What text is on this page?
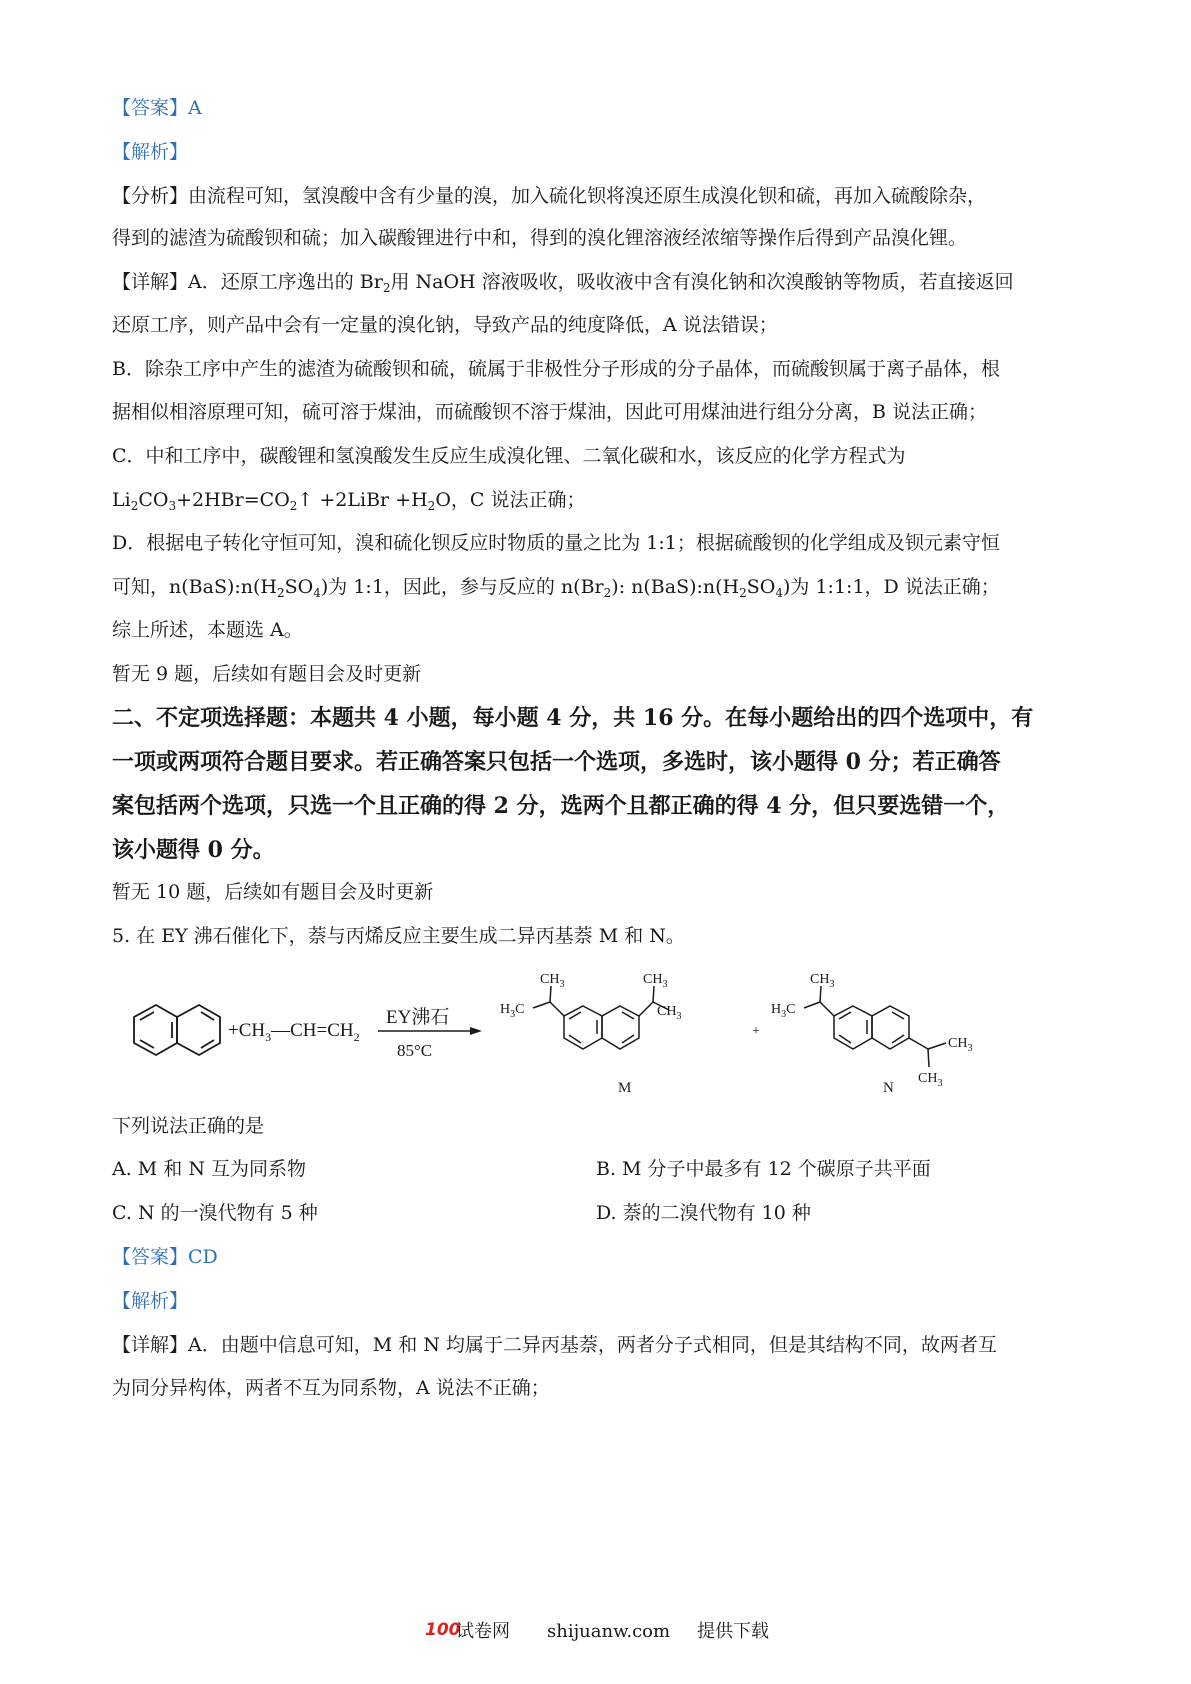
【答案】A
【解析】
【分析】由流程可知，氢溴酸中含有少量的溴，加入硫化钡将溴还原生成溴化钡和硫，再加入硫酸除杂，
得到的滤渣为硫酸钡和硫；加入碳酸锂进行中和，得到的溴化锂溶液经浓缩等操作后得到产品溴化锂。
【详解】A．还原工序逸出的 $Br_2$用 NaOH 溶液吸收，吸收液中含有溴化钠和次溴酸钠等物质，若直接返回
还原工序，则产品中会有一定量的溴化钠，导致产品的纯度降低，A 说法错误；
B．除杂工序中产生的滤渣为硫酸钡和硫，硫属于非极性分子形成的分子晶体，而硫酸钡属于离子晶体，根
据相似相溶原理可知，硫可溶于煤油，而硫酸钡不溶于煤油，因此可用煤油进行组分分离，B 说法正确；
C．中和工序中，碳酸锂和氢溴酸发生反应生成溴化锂、二氧化碳和水，该反应的化学方程式为
$Li_2CO_3+2HBr=CO_2↑$ +2LiBr $+H_2O$，C 说法正确；
D．根据电子转化守恒可知，溴和硫化钡反应时物质的量之比为 1:1；根据硫酸钡的化学组成及钡元素守恒
可知，$n(BaS):n(H_2SO_4)$为 1:1，因此，参与反应的 $n(Br_2)$: $n(BaS):n(H_2SO_4)$为 1:1:1，D 说法正确；
综上所述，本题选 A。
暂无 9 题，后续如有题目会及时更新
二、不定项选择题：本题共 4 小题，每小题 4 分，共 16 分。在每小题给出的四个选项中，有
一项或两项符合题目要求。若正确答案只包括一个选项，多选时，该小题得 0 分；若正确答
案包括两个选项，只选一个且正确的得 2 分，选两个且都正确的得 4 分，但只要选错一个，
该小题得 0 分。
暂无 10 题，后续如有题目会及时更新
5. 在 EY 沸石催化下，萘与丙烯反应主要生成二异丙基萘 M 和 N。
$+CH_3—CH=CH_2$
EY沸石
85°C
$CH_3$
$H_3C$
$CH_3$
$CH_3$
M
+
$CH_3$
$H_3C$
$CH_3$
$CH_3$
N
下列说法正确的是
A. M 和 N 互为同系物	B. M 分子中最多有 12 个碳原子共平面
C. N 的一溴代物有 5 种	D. 萘的二溴代物有 10 种
【答案】CD
【解析】
【详解】A．由题中信息可知，M 和 N 均属于二异丙基萘，两者分子式相同，但是其结构不同，故两者互
为同分异构体，两者不互为同系物，A 说法不正确；
100
试卷网 shijuanw.com 提供下载
